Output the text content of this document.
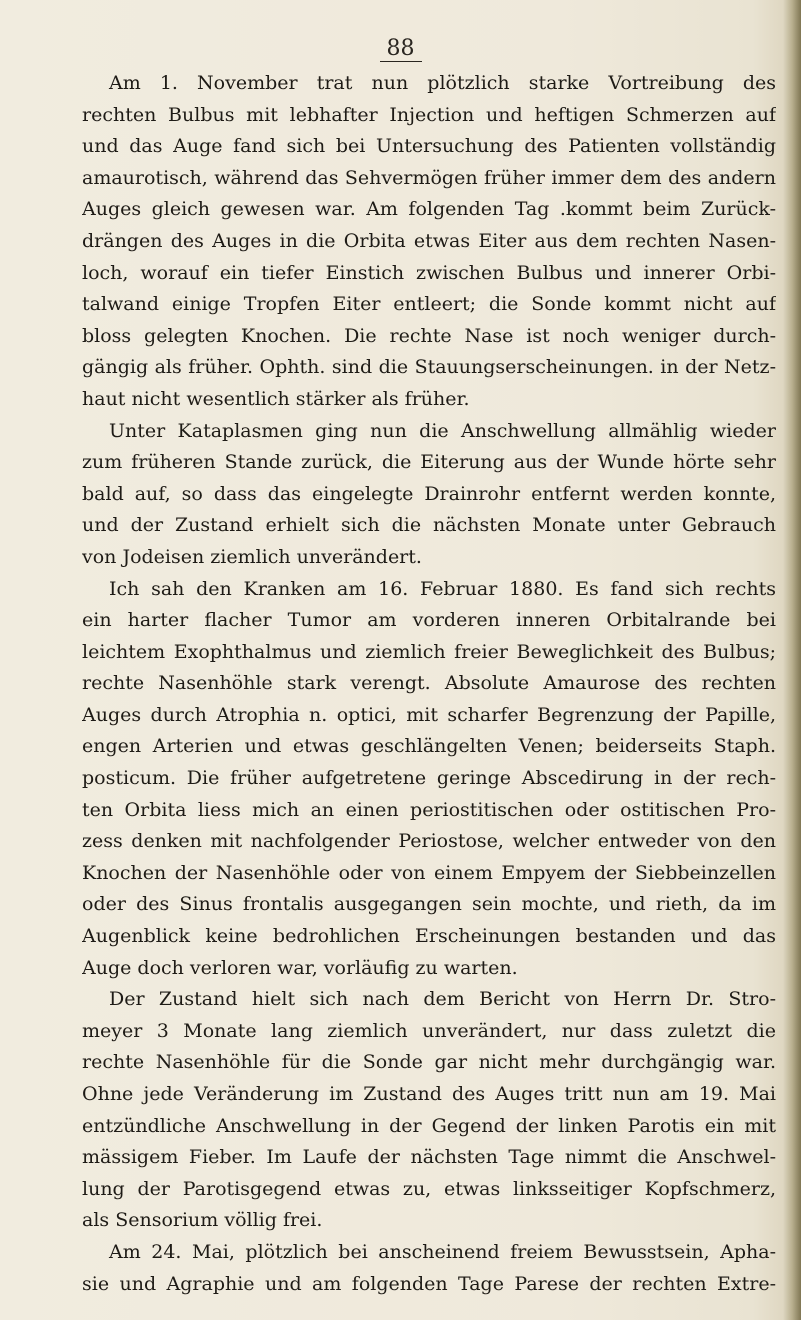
88
Am 1. November trat nun plötzlich starke Vortreibung des
rechten Bulbus mit lebhafter Injection und heftigen Schmerzen auf
und das Auge fand sich bei Untersuchung des Patienten vollständig
amaurotisch, während das Sehvermögen früher immer dem des andern
Auges gleich gewesen war. Am folgenden Tag .kommt beim Zurück-
drängen des Auges in die Orbita etwas Eiter aus dem rechten Nasen-
loch, worauf ein tiefer Einstich zwischen Bulbus und innerer Orbi-
talwand einige Tropfen Eiter entleert; die Sonde kommt nicht auf
bloss gelegten Knochen. Die rechte Nase ist noch weniger durch-
gängig als früher. Ophth. sind die Stauungserscheinungen. in der Netz-
haut nicht wesentlich stärker als früher.
Unter Kataplasmen ging nun die Anschwellung allmählig wieder
zum früheren Stande zurück, die Eiterung aus der Wunde hörte sehr
bald auf, so dass das eingelegte Drainrohr entfernt werden konnte,
und der Zustand erhielt sich die nächsten Monate unter Gebrauch
von Jodeisen ziemlich unverändert.
Ich sah den Kranken am 16. Februar 1880. Es fand sich rechts
ein harter flacher Tumor am vorderen inneren Orbitalrande bei
leichtem Exophthalmus und ziemlich freier Beweglichkeit des Bulbus;
rechte Nasenhöhle stark verengt. Absolute Amaurose des rechten
Auges durch Atrophia n. optici, mit scharfer Begrenzung der Papille,
engen Arterien und etwas geschlängelten Venen; beiderseits Staph.
posticum. Die früher aufgetretene geringe Abscedirung in der rech-
ten Orbita liess mich an einen periostitischen oder ostitischen Pro-
zess denken mit nachfolgender Periostose, welcher entweder von den
Knochen der Nasenhöhle oder von einem Empyem der Siebbeinzellen
oder des Sinus frontalis ausgegangen sein mochte, und rieth, da im
Augenblick keine bedrohlichen Erscheinungen bestanden und das
Auge doch verloren war, vorläufig zu warten.
Der Zustand hielt sich nach dem Bericht von Herrn Dr. Stro-
meyer 3 Monate lang ziemlich unverändert, nur dass zuletzt die
rechte Nasenhöhle für die Sonde gar nicht mehr durchgängig war.
Ohne jede Veränderung im Zustand des Auges tritt nun am 19. Mai
entzündliche Anschwellung in der Gegend der linken Parotis ein mit
mässigem Fieber. Im Laufe der nächsten Tage nimmt die Anschwel-
lung der Parotisgegend etwas zu, etwas linksseitiger Kopfschmerz,
als Sensorium völlig frei.
Am 24. Mai, plötzlich bei anscheinend freiem Bewusstsein, Apha-
sie und Agraphie und am folgenden Tage Parese der rechten Extre-
